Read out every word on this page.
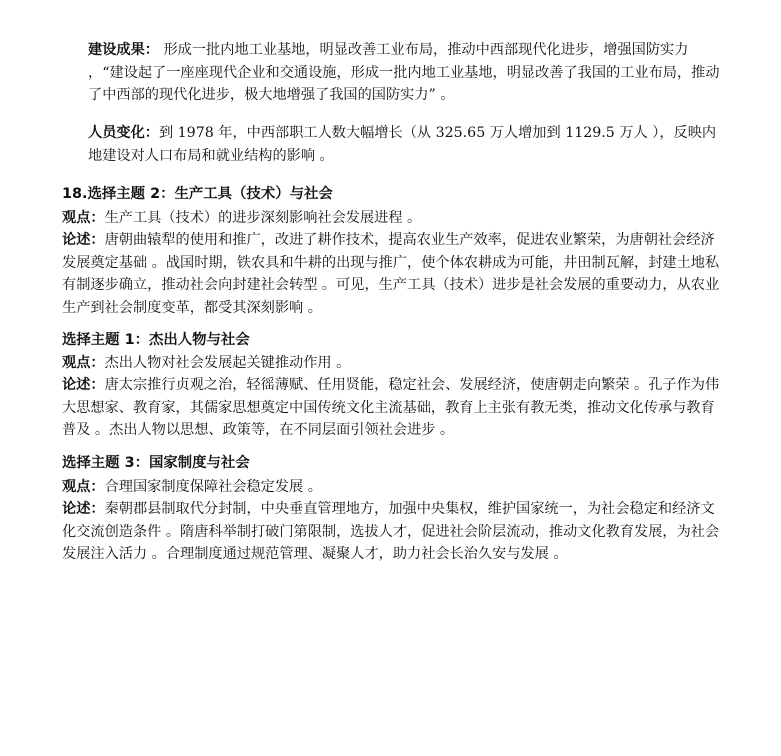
建设成果： 形成一批内地工业基地，明显改善工业布局，推动中西部现代化进步，增强国防实力 ，“建设起了一座座现代企业和交通设施，形成一批内地工业基地，明显改善了我国的工业布局，推动了中西部的现代化进步，极大地增强了我国的国防实力” 。

人员变化：到 1978 年，中西部职工人数大幅增长（从 325.65 万人增加到 1129.5 万人 ），反映内地建设对人口布局和就业结构的影响 。

18.选择主题 2：生产工具（技术）与社会

观点：生产工具（技术）的进步深刻影响社会发展进程 。

论述：唐朝曲辕犁的使用和推广，改进了耕作技术，提高农业生产效率，促进农业繁荣，为唐朝社会经济发展奠定基础 。战国时期，铁农具和牛耕的出现与推广，使个体农耕成为可能，井田制瓦解，封建土地私有制逐步确立，推动社会向封建社会转型 。可见，生产工具（技术）进步是社会发展的重要动力，从农业生产到社会制度变革，都受其深刻影响 。

选择主题 1：杰出人物与社会

观点：杰出人物对社会发展起关键推动作用 。

论述：唐太宗推行贞观之治，轻徭薄赋、任用贤能，稳定社会、发展经济，使唐朝走向繁荣 。孔子作为伟大思想家、教育家，其儒家思想奠定中国传统文化主流基础，教育上主张有教无类，推动文化传承与教育普及 。杰出人物以思想、政策等，在不同层面引领社会进步 。

选择主题 3：国家制度与社会

观点：合理国家制度保障社会稳定发展 。

论述：秦朝郡县制取代分封制，中央垂直管理地方，加强中央集权，维护国家统一，为社会稳定和经济文化交流创造条件 。隋唐科举制打破门第限制，选拔人才，促进社会阶层流动，推动文化教育发展，为社会发展注入活力 。合理制度通过规范管理、凝聚人才，助力社会长治久安与发展 。
